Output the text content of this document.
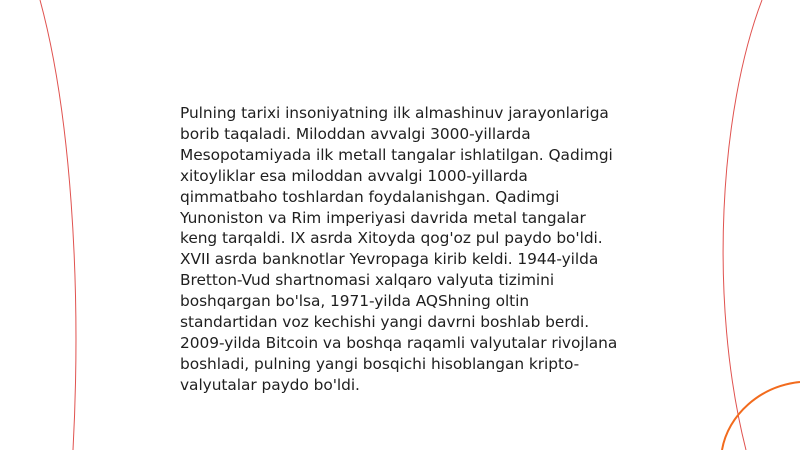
Pulning tarixi insoniyatning ilk almashinuv jarayonlariga borib taqaladi. Miloddan avvalgi 3000-yillarda Mesopotamiyada ilk metall tangalar ishlatilgan. Qadimgi xitoyliklar esa miloddan avvalgi 1000-yillarda qimmatbaho toshlardan foydalanishgan. Qadimgi Yunoniston va Rim imperiyasi davrida metal tangalar keng tarqaldi. IX asrda Xitoyda qog'oz pul paydo bo'ldi. XVII asrda banknotlar Yevropaga kirib keldi. 1944-yilda Bretton-Vud shartnomasi xalqaro valyuta tizimini boshqargan bo'lsa, 1971-yilda AQShning oltin standartidan voz kechishi yangi davrni boshlab berdi. 2009-yilda Bitcoin va boshqa raqamli valyutalar rivojlana boshladi, pulning yangi bosqichi hisoblangan kripto-valyutalar paydo bo'ldi.
